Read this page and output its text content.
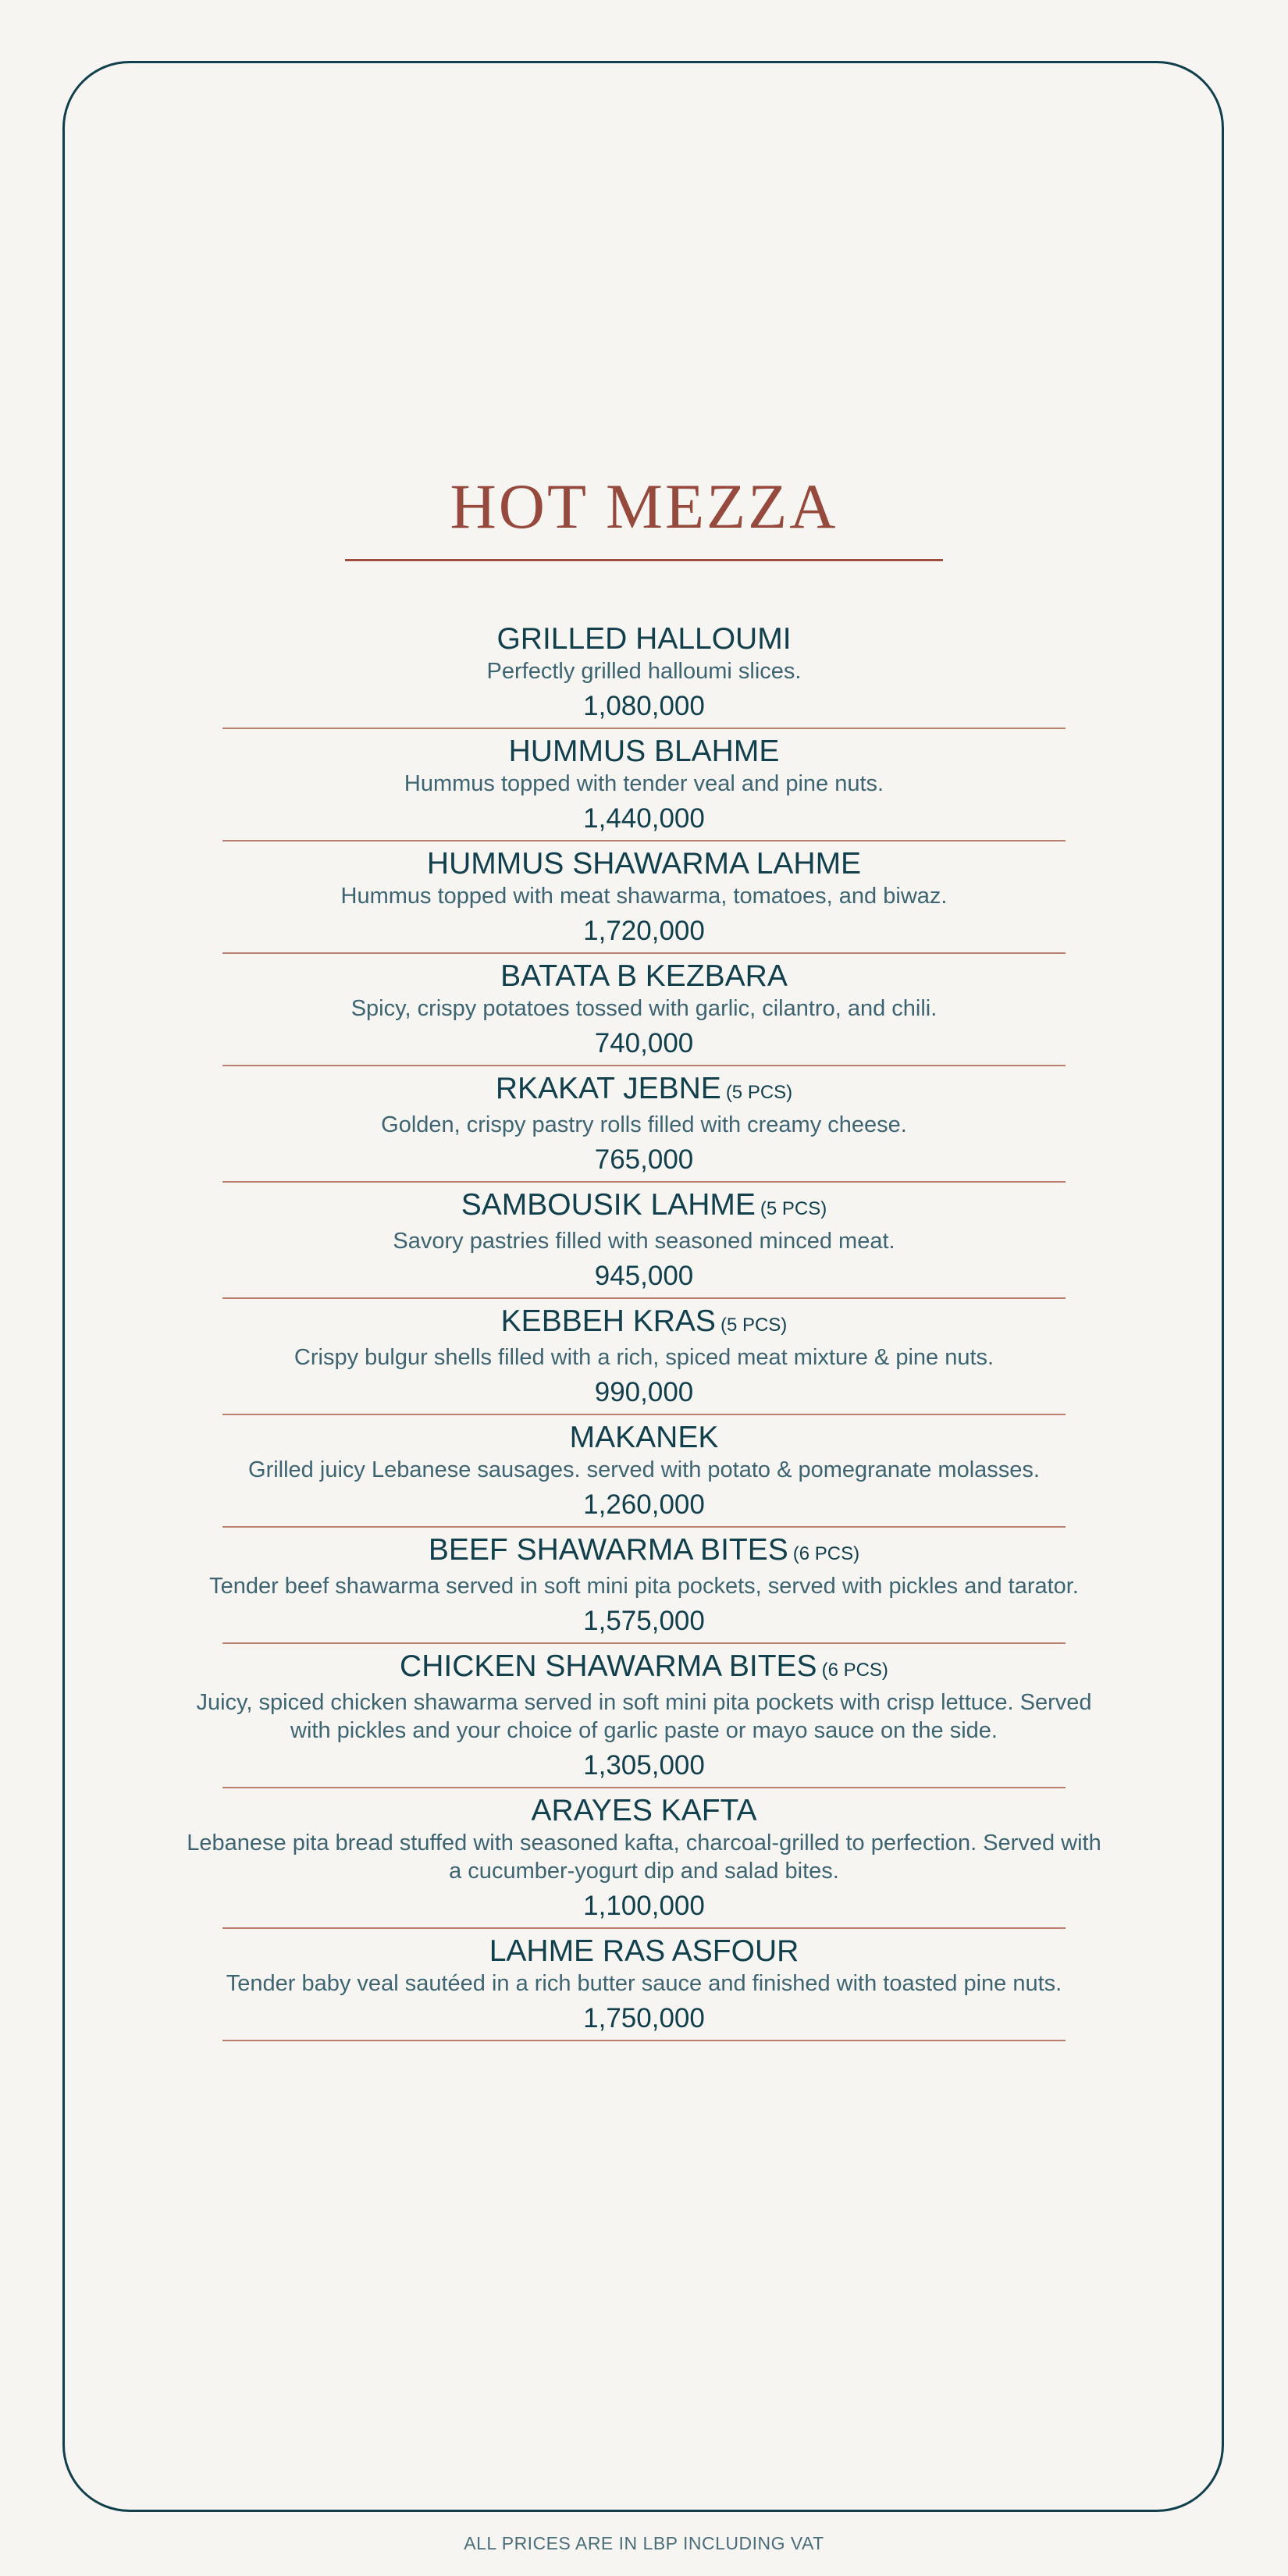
HOT MEZZA
GRILLED HALLOUMI
Perfectly grilled halloumi slices.
1,080,000
HUMMUS BLAHME
Hummus topped with tender veal and pine nuts.
1,440,000
HUMMUS SHAWARMA LAHME
Hummus topped with meat shawarma, tomatoes, and biwaz.
1,720,000
BATATA B KEZBARA
Spicy, crispy potatoes tossed with garlic, cilantro, and chili.
740,000
RKAKAT JEBNE (5 PCS)
Golden, crispy pastry rolls filled with creamy cheese.
765,000
SAMBOUSIK LAHME (5 PCS)
Savory pastries filled with seasoned minced meat.
945,000
KEBBEH KRAS (5 PCS)
Crispy bulgur shells filled with a rich, spiced meat mixture & pine nuts.
990,000
MAKANEK
Grilled juicy Lebanese sausages. served with potato & pomegranate molasses.
1,260,000
BEEF SHAWARMA BITES (6 PCS)
Tender beef shawarma served in soft mini pita pockets, served with pickles and tarator.
1,575,000
CHICKEN SHAWARMA BITES (6 PCS)
Juicy, spiced chicken shawarma served in soft mini pita pockets with crisp lettuce. Served with pickles and your choice of garlic paste or mayo sauce on the side.
1,305,000
ARAYES KAFTA
Lebanese pita bread stuffed with seasoned kafta, charcoal-grilled to perfection. Served with a cucumber-yogurt dip and salad bites.
1,100,000
LAHME RAS ASFOUR
Tender baby veal sautéed in a rich butter sauce and finished with toasted pine nuts.
1,750,000
ALL PRICES ARE IN LBP INCLUDING VAT
